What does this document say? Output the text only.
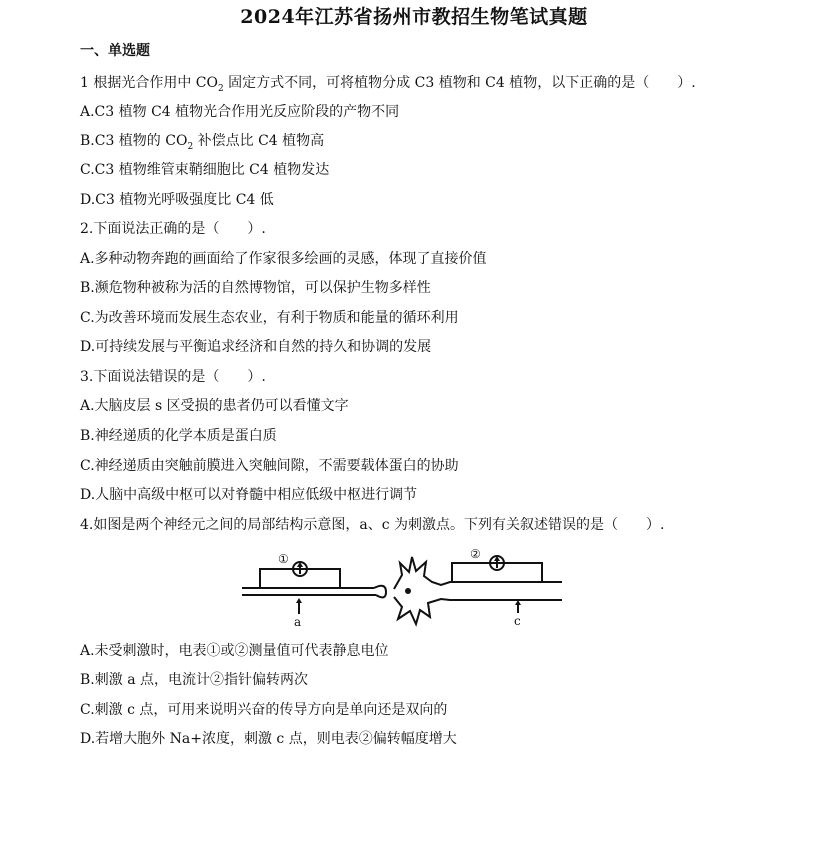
2024年江苏省扬州市教招生物笔试真题
一、单选题
1 根据光合作用中 $CO_2$ 固定方式不同，可将植物分成 C3 植物和 C4 植物，以下正确的是（　　）.
A.C3 植物 C4 植物光合作用光反应阶段的产物不同
B.C3 植物的 $CO_2$ 补偿点比 C4 植物高
C.C3 植物维管束鞘细胞比 C4 植物发达
D.C3 植物光呼吸强度比 C4 低
2.下面说法正确的是（　　）.
A.多种动物奔跑的画面给了作家很多绘画的灵感，体现了直接价值
B.濒危物种被称为活的自然博物馆，可以保护生物多样性
C.为改善环境而发展生态农业，有利于物质和能量的循环利用
D.可持续发展与平衡追求经济和自然的持久和协调的发展
3.下面说法错误的是（　　）.
A.大脑皮层 s 区受损的患者仍可以看懂文字
B.神经递质的化学本质是蛋白质
C.神经递质由突触前膜进入突触间隙，不需要载体蛋白的协助
D.人脑中高级中枢可以对脊髓中相应低级中枢进行调节
4.如图是两个神经元之间的局部结构示意图，a、c 为刺激点。下列有关叙述错误的是（　　）.
①	②
a	c
A.未受刺激时，电表①或②测量值可代表静息电位
B.刺激 a 点，电流计②指针偏转两次
C.刺激 c 点，可用来说明兴奋的传导方向是单向还是双向的
D.若增大胞外 Na+浓度，刺激 c 点，则电表②偏转幅度增大
